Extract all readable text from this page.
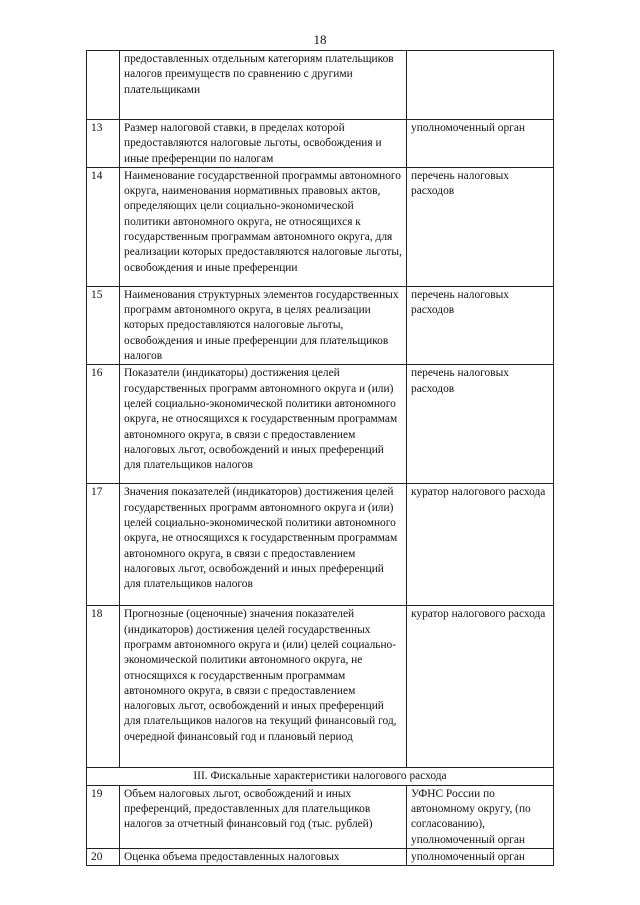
18
	предоставленных отдельным категориям плательщиков налогов преимуществ по сравнению с другими плательщиками	
13	Размер налоговой ставки, в пределах которой предоставляются налоговые льготы, освобождения и иные преференции по налогам	уполномоченный орган
14	Наименование государственной программы автономного округа, наименования нормативных правовых актов, определяющих цели социально-экономической политики автономного округа, не относящихся к государственным программам автономного округа, для реализации которых предоставляются налоговые льготы, освобождения и иные преференции	перечень налоговых расходов
15	Наименования структурных элементов государственных программ автономного округа, в целях реализации которых предоставляются налоговые льготы, освобождения и иные преференции для плательщиков налогов	перечень налоговых расходов
16	Показатели (индикаторы) достижения целей государственных программ автономного округа и (или) целей социально-экономической политики автономного округа, не относящихся к государственным программам автономного округа, в связи с предоставлением налоговых льгот, освобождений и иных преференций для плательщиков налогов	перечень налоговых расходов
17	Значения показателей (индикаторов) достижения целей государственных программ автономного округа и (или) целей социально-экономической политики автономного округа, не относящихся к государственным программам автономного округа, в связи с предоставлением налоговых льгот, освобождений и иных преференций для плательщиков налогов	куратор налогового расхода
18	Прогнозные (оценочные) значения показателей (индикаторов) достижения целей государственных программ автономного округа и (или) целей социально-экономической политики автономного округа, не относящихся к государственным программам автономного округа, в связи с предоставлением налоговых льгот, освобождений и иных преференций для плательщиков налогов на текущий финансовый год, очередной финансовый год и плановый период	куратор налогового расхода
III. Фискальные характеристики налогового расхода		
19	Объем налоговых льгот, освобождений и иных преференций, предоставленных для плательщиков налогов за отчетный финансовый год (тыс. рублей)	УФНС России по автономному округу, (по согласованию), уполномоченный орган
20	Оценка объема предоставленных налоговых	уполномоченный орган
